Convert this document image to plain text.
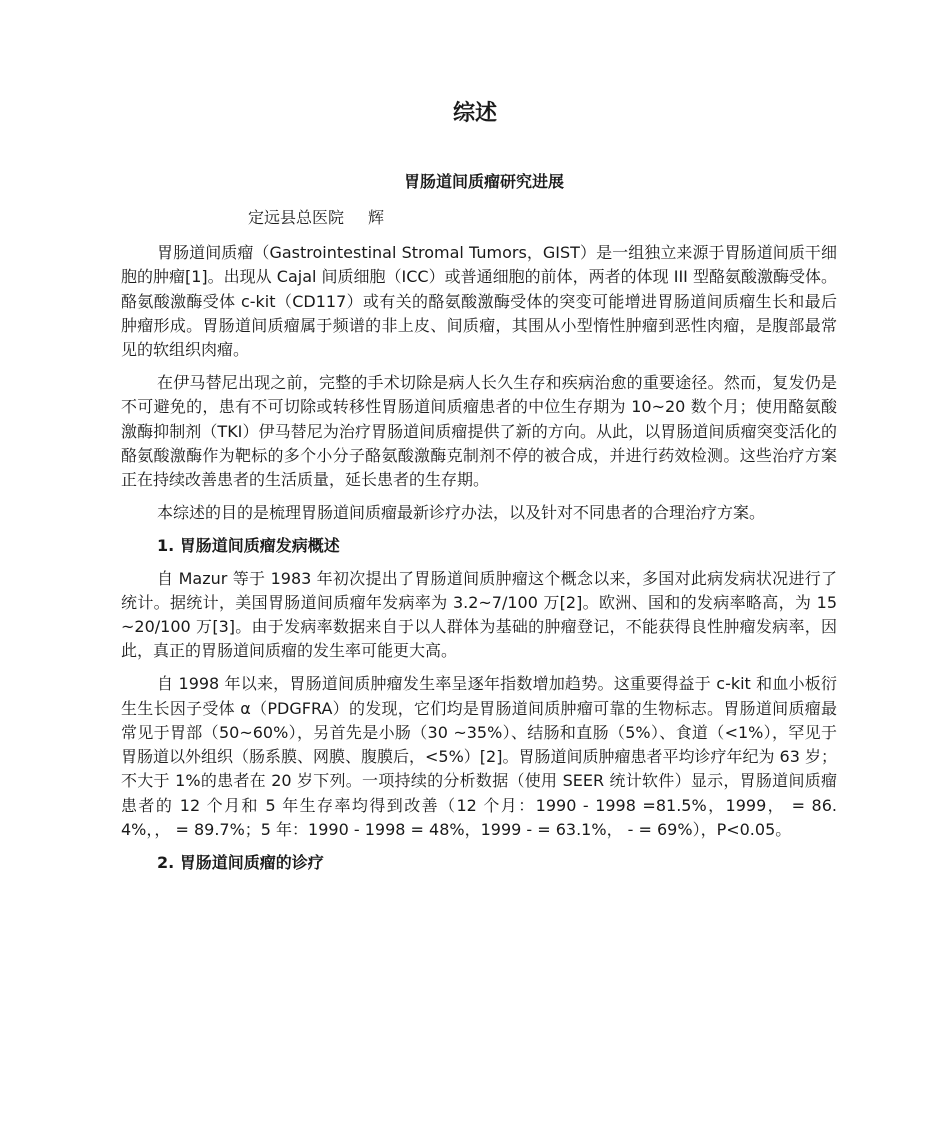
综述
胃肠道间质瘤研究进展
定远县总医院 辉

胃肠道间质瘤（Gastrointestinal Stromal Tumors，GIST）是一组独立来源于胃肠道间质干细胞的肿瘤[1]。出现从 Cajal 间质细胞（ICC）或普通细胞的前体，两者的体现 III 型酪氨酸激酶受体。酪氨酸激酶受体 c-kit（CD117）或有关的酪氨酸激酶受体的突变可能增进胃肠道间质瘤生长和最后肿瘤形成。胃肠道间质瘤属于频谱的非上皮、间质瘤，其围从小型惰性肿瘤到恶性肉瘤，是腹部最常见的软组织肉瘤。

在伊马替尼出现之前，完整的手术切除是病人长久生存和疾病治愈的重要途径。然而，复发仍是不可避免的，患有不可切除或转移性胃肠道间质瘤患者的中位生存期为 10~20 数个月；使用酪氨酸激酶抑制剂（TKI）伊马替尼为治疗胃肠道间质瘤提供了新的方向。从此，以胃肠道间质瘤突变活化的酪氨酸激酶作为靶标的多个小分子酪氨酸激酶克制剂不停的被合成，并进行药效检测。这些治疗方案正在持续改善患者的生活质量，延长患者的生存期。

本综述的目的是梳理胃肠道间质瘤最新诊疗办法，以及针对不同患者的合理治疗方案。

1. 胃肠道间质瘤发病概述

自 Mazur 等于 1983 年初次提出了胃肠道间质肿瘤这个概念以来，多国对此病发病状况进行了统计。据统计，美国胃肠道间质瘤年发病率为 3.2~7/100 万[2]。欧洲、国和的发病率略高，为 15~20/100 万[3]。由于发病率数据来自于以人群体为基础的肿瘤登记，不能获得良性肿瘤发病率，因此，真正的胃肠道间质瘤的发生率可能更大高。

自 1998 年以来，胃肠道间质肿瘤发生率呈逐年指数增加趋势。这重要得益于 c-kit 和血小板衍生生长因子受体 α（PDGFRA）的发现，它们均是胃肠道间质肿瘤可靠的生物标志。胃肠道间质瘤最常见于胃部（50~60%），另首先是小肠（30 ~35%）、结肠和直肠（5%）、食道（<1%），罕见于胃肠道以外组织（肠系膜、网膜、腹膜后，<5%）[2]。胃肠道间质肿瘤患者平均诊疗年纪为 63 岁；不大于 1%的患者在 20 岁下列。一项持续的分析数据（使用 SEER 统计软件）显示，胃肠道间质瘤患者的 12 个月和 5 年生存率均得到改善（12 个月：1990 - 1998 =81.5%，1999， = 86.4%，， = 89.7%；5 年：1990 - 1998 = 48%，1999 - = 63.1%， - = 69%），P<0.05。

2. 胃肠道间质瘤的诊疗
